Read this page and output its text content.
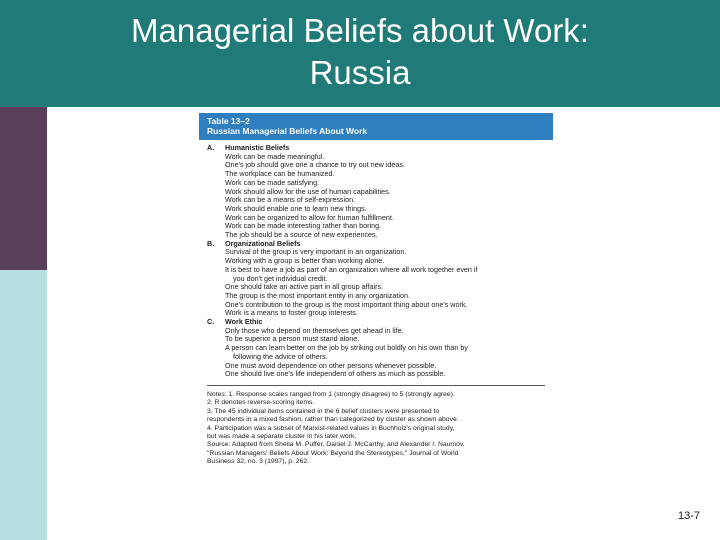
Managerial Beliefs about Work:
Russia
Table 13–2
Russian Managerial Beliefs About Work
A.	Humanistic Beliefs
Work can be made meaningful.
One's job should give one a chance to try out new ideas.
The workplace can be humanized.
Work can be made satisfying.
Work should allow for the use of human capabilities.
Work can be a means of self-expression.
Work should enable one to learn new things.
Work can be organized to allow for human fulfillment.
Work can be made interesting rather than boring.
The job should be a source of new experiences.
B.	Organizational Beliefs
Survival of the group is very important in an organization.
Working with a group is better than working alone.
It is best to have a job as part of an organization where all work together even if
you don't get individual credit.
One should take an active part in all group affairs.
The group is the most important entity in any organization.
One's contribution to the group is the most important thing about one's work.
Work is a means to foster group interests.
C.	Work Ethic
Only those who depend on themselves get ahead in life.
To be superior a person must stand alone.
A person can learn better on the job by striking out boldly on his own than by
following the advice of others.
One must avoid dependence on other persons whenever possible.
One should live one's life independent of others as much as possible.
Notes: 1. Response scales ranged from 1 (strongly disagree) to 5 (strongly agree).
2. R denotes reverse-scoring items.
3. The 45 individual items contained in the 6 belief clusters were presented to
respondents in a mixed fashion, rather than categorized by cluster as shown above.
4. Participation was a subset of Marxist-related values in Buchholz's original study,
but was made a separate cluster in his later work.
Source: Adapted from Sheila M. Puffer, Daniel J. McCarthy, and Alexander I. Naumov,
"Russian Managers' Beliefs About Work: Beyond the Stereotypes," Journal of World
Business 32, no. 3 (1997), p. 262.
13-7
